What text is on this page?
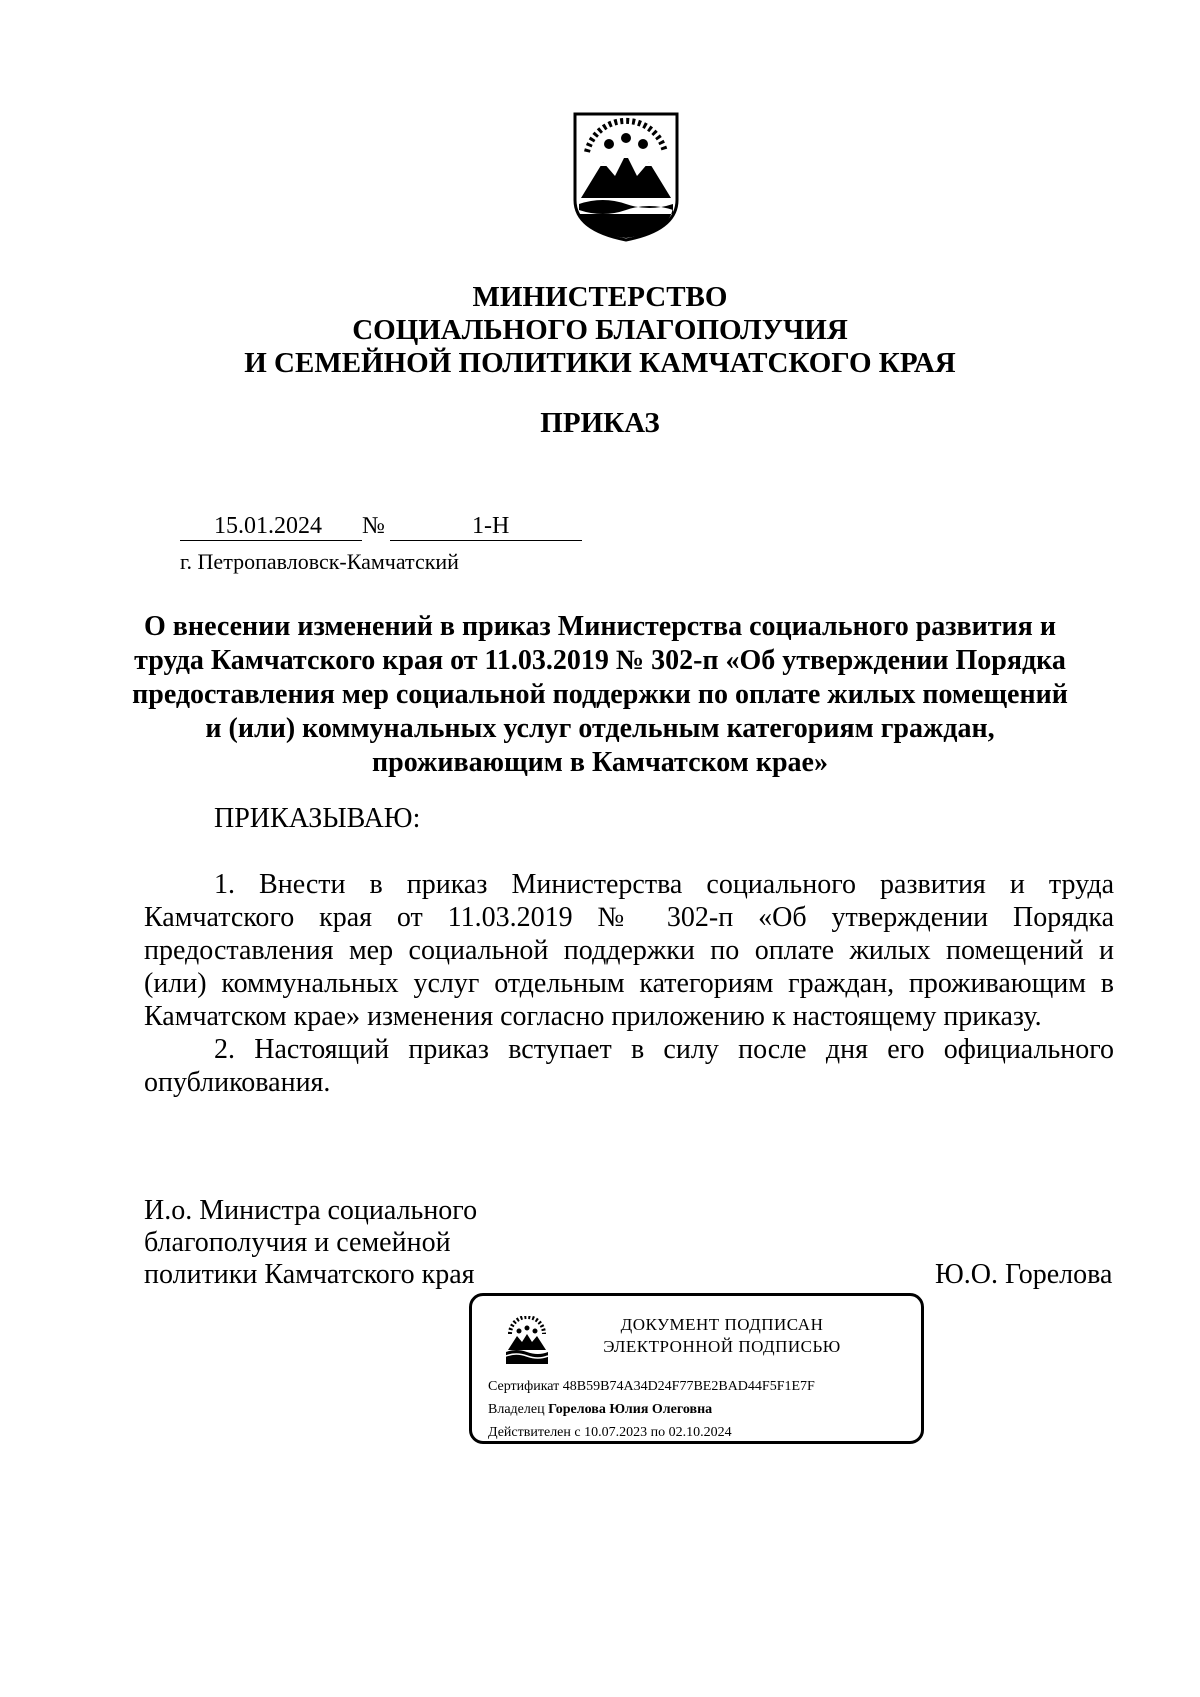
МИНИСТЕРСТВО
СОЦИАЛЬНОГО БЛАГОПОЛУЧИЯ
И СЕМЕЙНОЙ ПОЛИТИКИ КАМЧАТСКОГО КРАЯ
ПРИКАЗ
15.01.2024 №	1-Н
г. Петропавловск-Камчатский
О внесении изменений в приказ Министерства социального развития и
труда Камчатского края от 11.03.2019 № 302-п «Об утверждении Порядка
предоставления мер социальной поддержки по оплате жилых помещений
и (или) коммунальных услуг отдельным категориям граждан,
проживающим в Камчатском крае»
ПРИКАЗЫВАЮ:

1. Внести в приказ Министерства социального развития и труда Камчатского края от 11.03.2019 № 302-п «Об утверждении Порядка предоставления мер социальной поддержки по оплате жилых помещений и (или) коммунальных услуг отдельным категориям граждан, проживающим в Камчатском крае» изменения согласно приложению к настоящему приказу.

2. Настоящий приказ вступает в силу после дня его официального опубликования.

И.о. Министра социального
благополучия и семейной
политики Камчатского края	Ю.О. Горелова
ДОКУМЕНТ ПОДПИСАН
ЭЛЕКТРОННОЙ ПОДПИСЬЮ
Сертификат 48B59B74A34D24F77BE2BAD44F5F1E7F
Владелец Горелова Юлия Олеговна
Действителен с 10.07.2023 по 02.10.2024
